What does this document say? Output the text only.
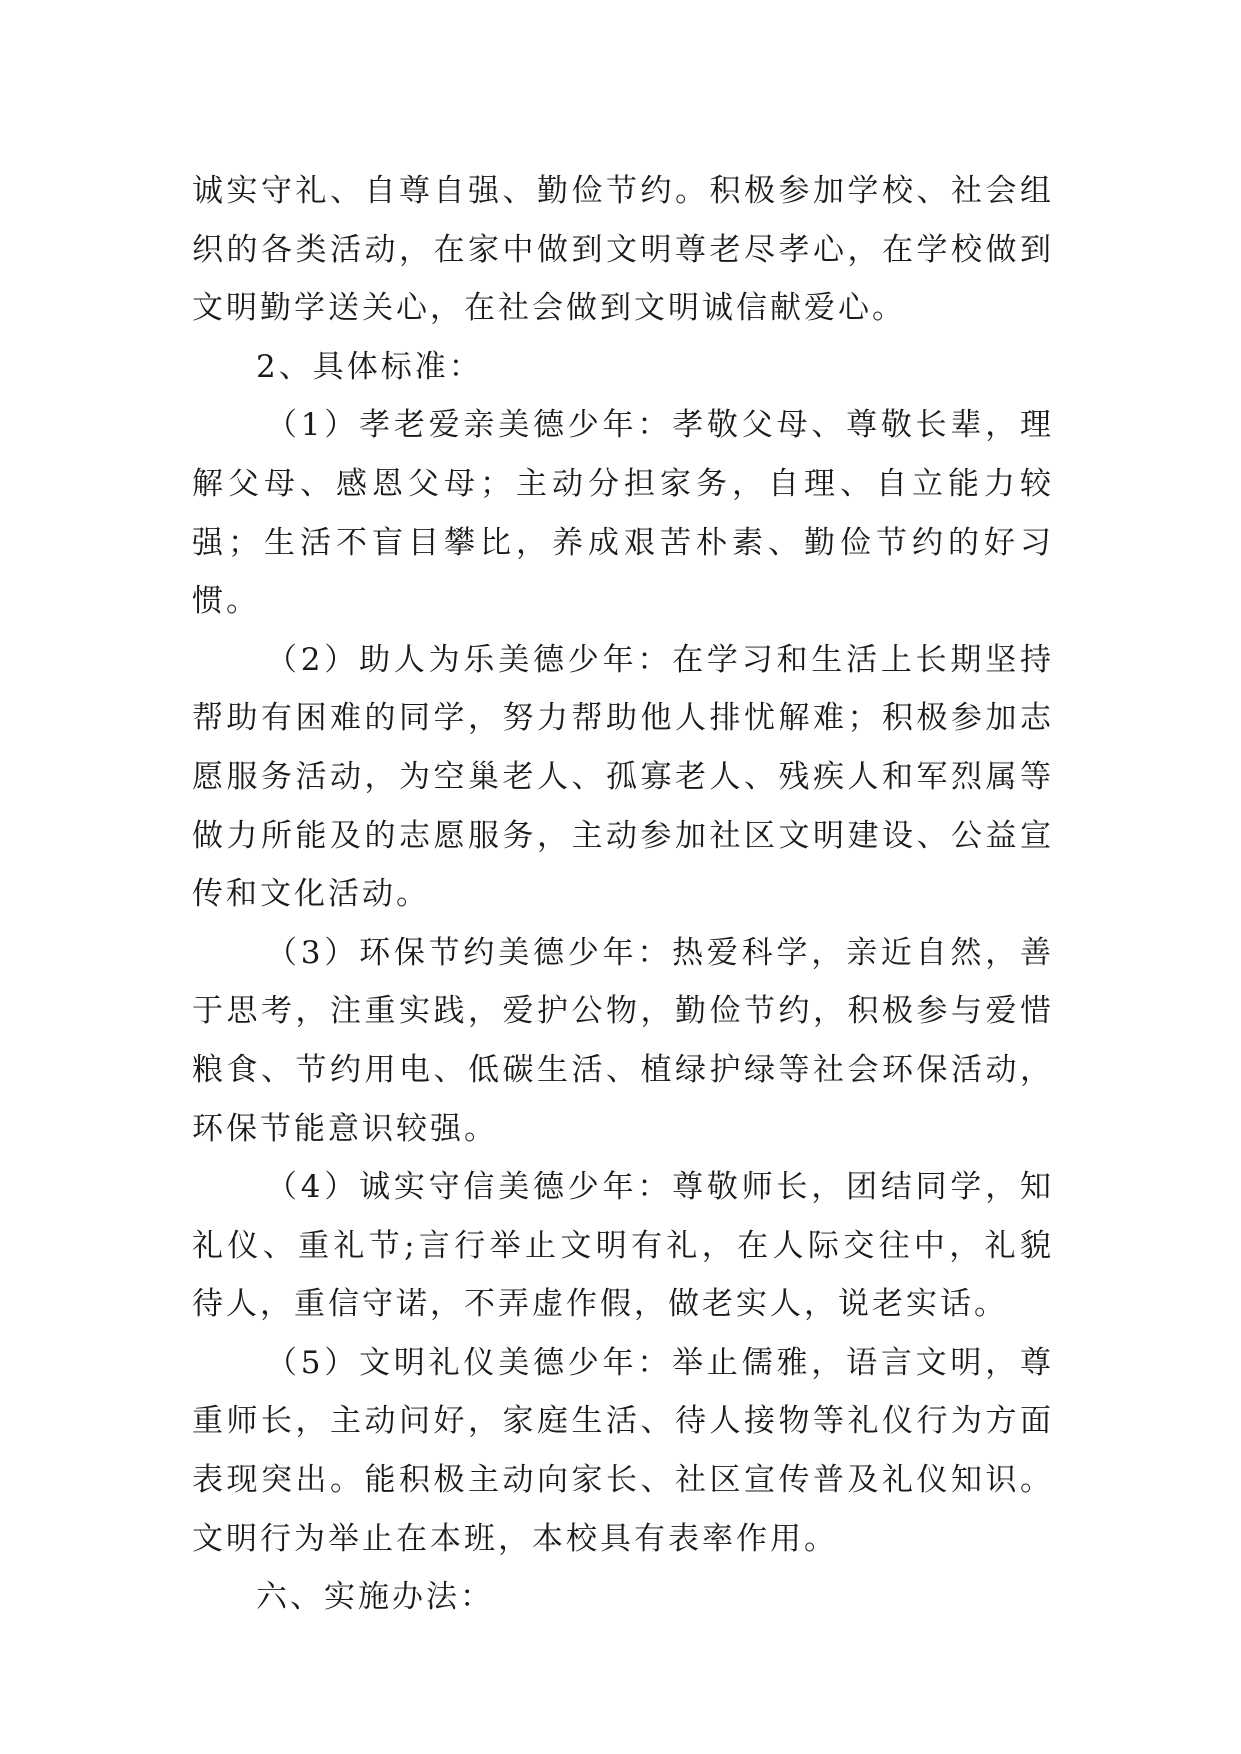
诚实守礼、自尊自强、勤俭节约。积极参加学校、社会组织的各类活动，在家中做到文明尊老尽孝心，在学校做到文明勤学送关心，在社会做到文明诚信献爱心。

2、具体标准：

（1）孝老爱亲美德少年：孝敬父母、尊敬长辈，理解父母、感恩父母；主动分担家务，自理、自立能力较强；生活不盲目攀比，养成艰苦朴素、勤俭节约的好习惯。

（2）助人为乐美德少年：在学习和生活上长期坚持帮助有困难的同学，努力帮助他人排忧解难；积极参加志愿服务活动，为空巢老人、孤寡老人、残疾人和军烈属等做力所能及的志愿服务，主动参加社区文明建设、公益宣传和文化活动。

（3）环保节约美德少年：热爱科学，亲近自然，善于思考，注重实践，爱护公物，勤俭节约，积极参与爱惜粮食、节约用电、低碳生活、植绿护绿等社会环保活动，环保节能意识较强。

（4）诚实守信美德少年：尊敬师长，团结同学，知礼仪、重礼节;言行举止文明有礼，在人际交往中，礼貌待人，重信守诺，不弄虚作假，做老实人，说老实话。

（5）文明礼仪美德少年：举止儒雅，语言文明，尊重师长，主动问好，家庭生活、待人接物等礼仪行为方面表现突出。能积极主动向家长、社区宣传普及礼仪知识。文明行为举止在本班，本校具有表率作用。

六、实施办法：
